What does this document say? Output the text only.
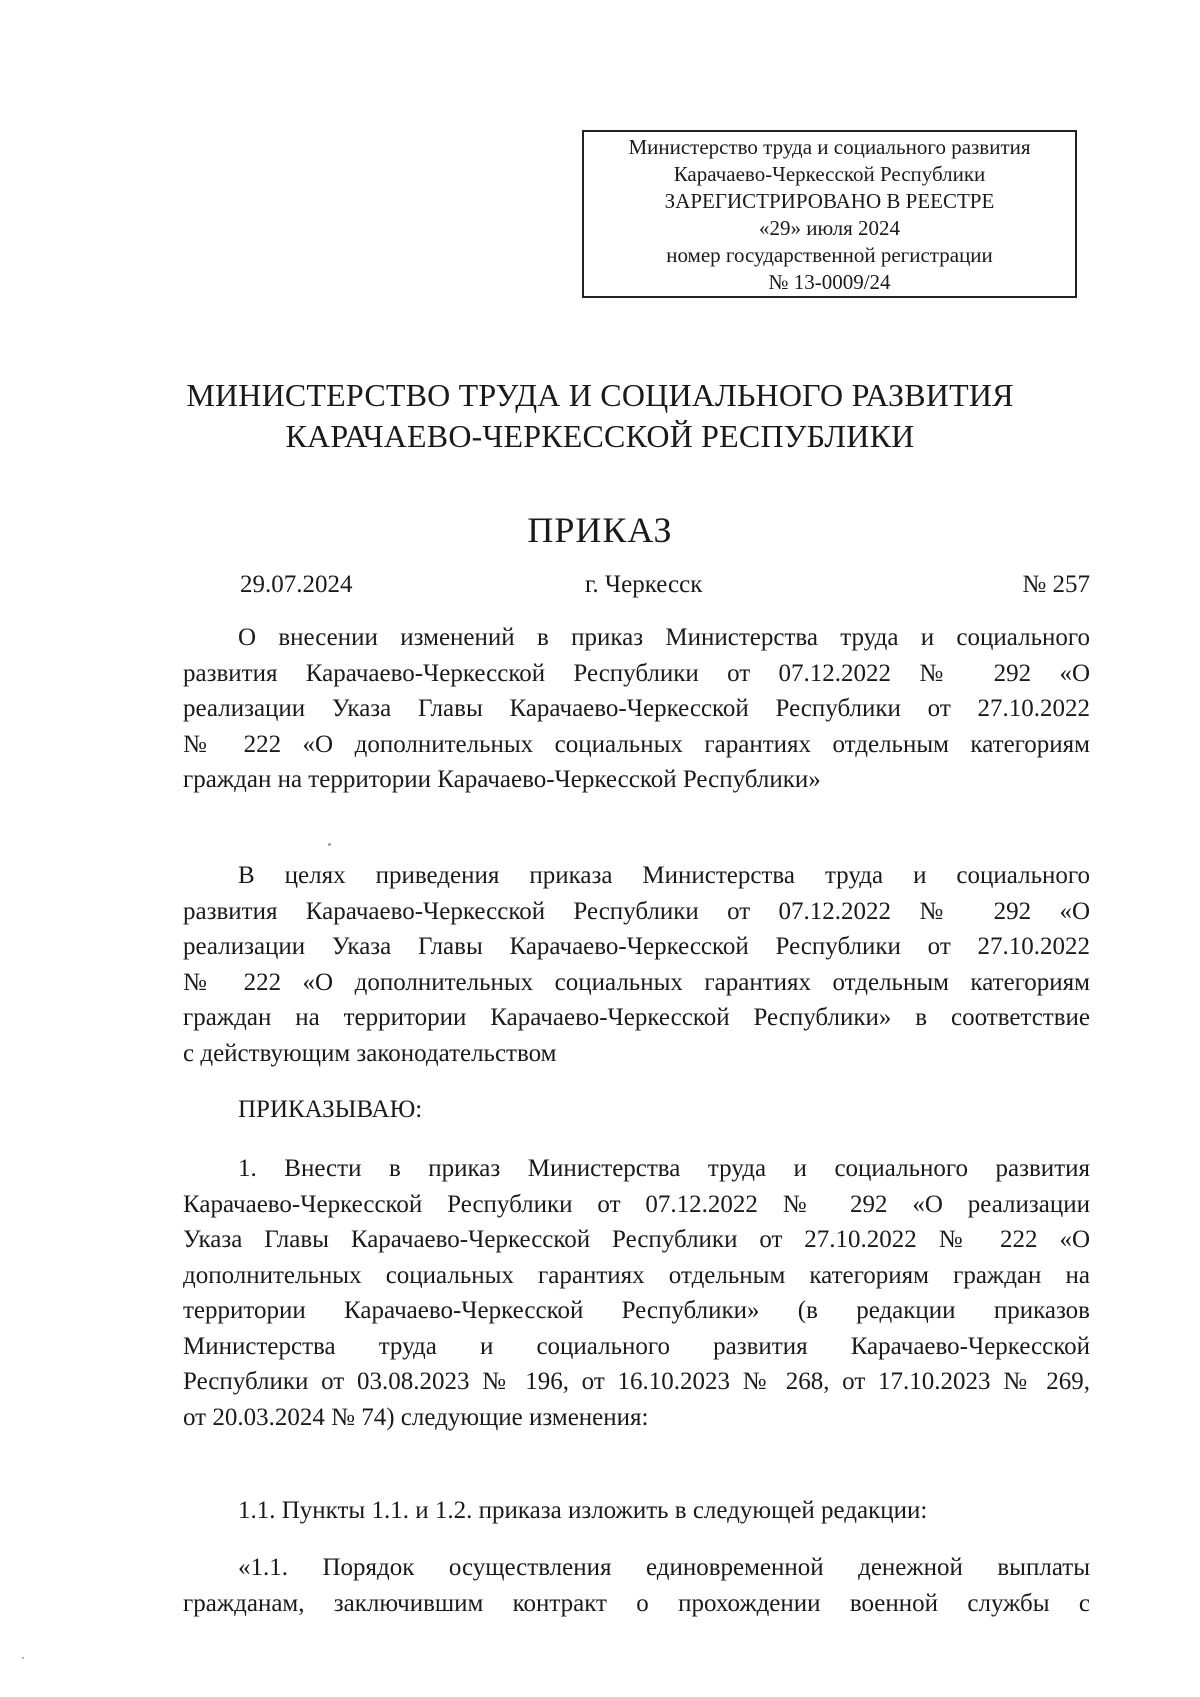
Министерство труда и социального развития
Карачаево-Черкесской Республики
ЗАРЕГИСТРИРОВАНО В РЕЕСТРЕ
«29» июля 2024
номер государственной регистрации
№ 13-0009/24
МИНИСТЕРСТВО ТРУДА И СОЦИАЛЬНОГО РАЗВИТИЯ
КАРАЧАЕВО-ЧЕРКЕССКОЙ РЕСПУБЛИКИ
ПРИКАЗ
29.07.2024	г. Черкесск	№ 257
О внесении изменений в приказ Министерства труда и социального
развития Карачаево-Черкесской Республики от 07.12.2022 № 292 «О
реализации Указа Главы Карачаево-Черкесской Республики от 27.10.2022
№ 222 «О дополнительных социальных гарантиях отдельным категориям
граждан на территории Карачаево-Черкесской Республики»
В целях приведения приказа Министерства труда и социального
развития Карачаево-Черкесской Республики от 07.12.2022 № 292 «О
реализации Указа Главы Карачаево-Черкесской Республики от 27.10.2022
№ 222 «О дополнительных социальных гарантиях отдельным категориям
граждан на территории Карачаево-Черкесской Республики» в соответствие
с действующим законодательством
ПРИКАЗЫВАЮ:
1. Внести в приказ Министерства труда и социального развития
Карачаево-Черкесской Республики от 07.12.2022 № 292 «О реализации
Указа Главы Карачаево-Черкесской Республики от 27.10.2022 № 222 «О
дополнительных социальных гарантиях отдельным категориям граждан на
территории Карачаево-Черкесской Республики» (в редакции приказов
Министерства труда и социального развития Карачаево-Черкесской
Республики от 03.08.2023 № 196, от 16.10.2023 № 268, от 17.10.2023 № 269,
от 20.03.2024 № 74) следующие изменения:
1.1. Пункты 1.1. и 1.2. приказа изложить в следующей редакции:
«1.1. Порядок осуществления единовременной денежной выплаты
гражданам, заключившим контракт о прохождении военной службы с
